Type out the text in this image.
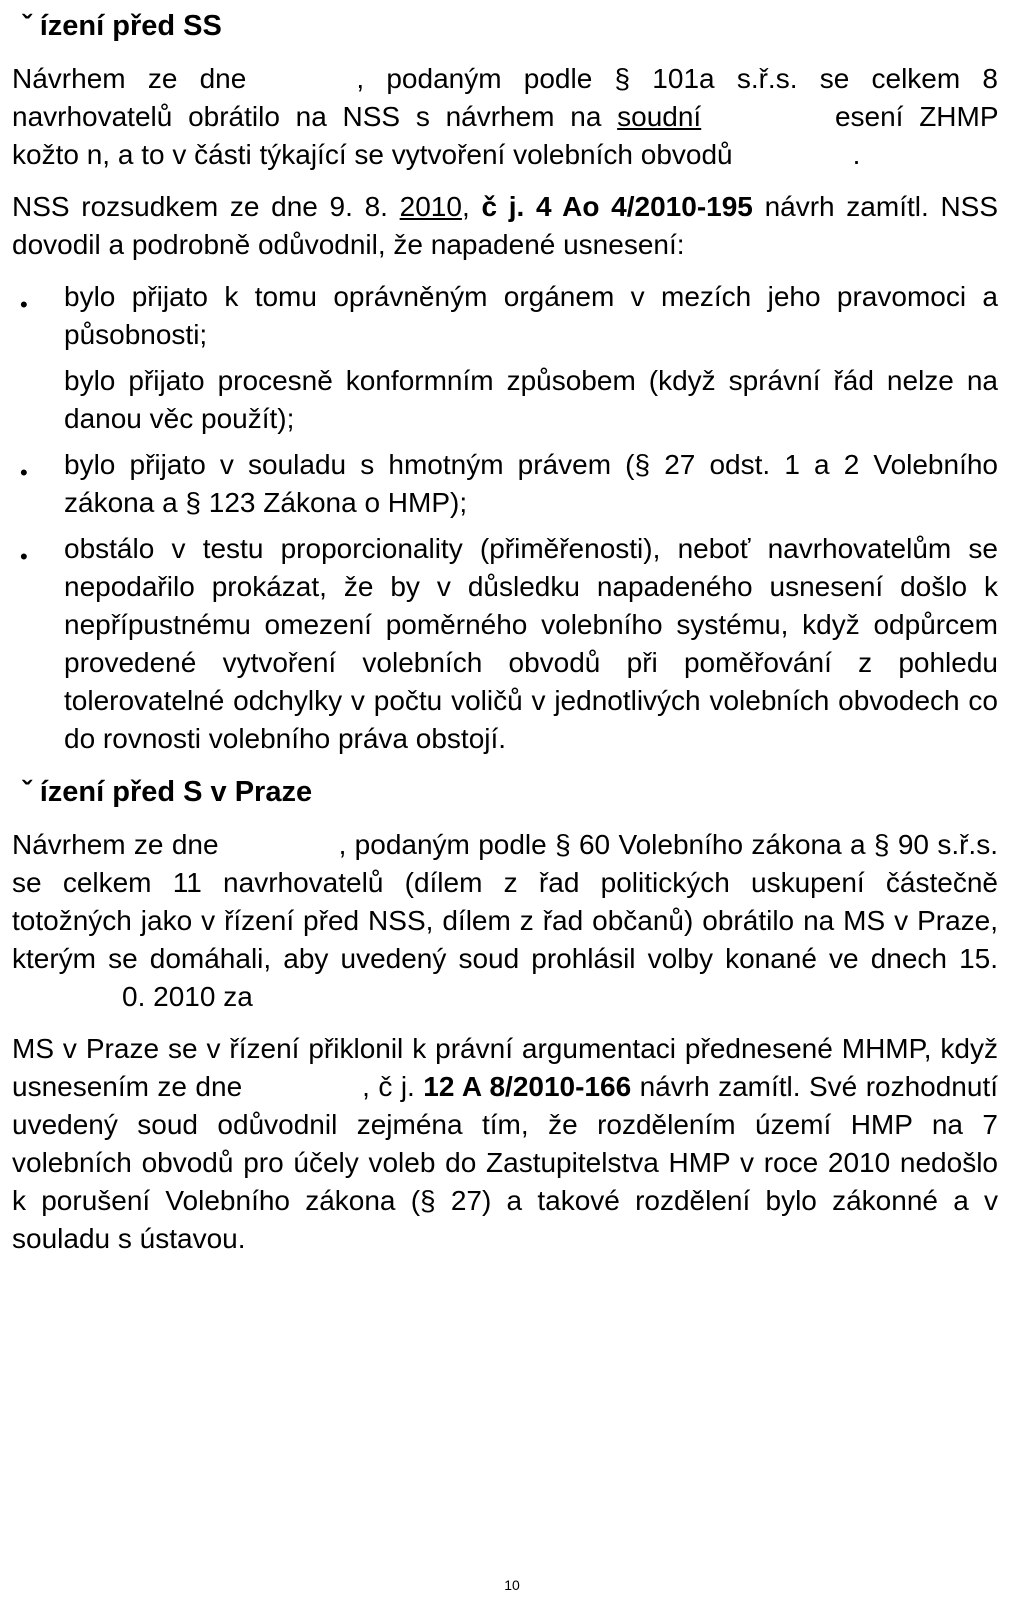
ˇ ízení před SS

Návrhem ze dne	, podaným podle § 101a s.ř.s. se celkem 8 navrhovatelů obrátilo na NSS s návrhem na soudní	esení ZHMP kožto n, a to v části týkající se vytvoření volebních obvodů	.

NSS rozsudkem ze dne 9. 8. 2010, č j. 4 Ao 4/2010-195 návrh zamítl. NSS dovodil a podrobně odůvodnil, že napadené usnesení:

• bylo přijato k tomu oprávněným orgánem v mezích jeho pravomoci a působnosti;
bylo přijato procesně konformním způsobem (když správní řád nelze na danou věc použít);
• bylo přijato v souladu s hmotným právem (§ 27 odst. 1 a 2 Volebního zákona a § 123 Zákona o HMP);
• obstálo v testu proporcionality (přiměřenosti), neboť navrhovatelům se nepodařilo prokázat, že by v důsledku napadeného usnesení došlo k nepřípustnému omezení poměrného volebního systému, když odpůrcem provedené vytvoření volebních obvodů při poměřování z pohledu tolerovatelné odchylky v počtu voličů v jednotlivých volebních obvodech co do rovnosti volebního práva obstojí.
ˇ ízení před S v Praze

Návrhem ze dne	, podaným podle § 60 Volebního zákona a § 90 s.ř.s. se celkem 11 navrhovatelů (dílem z řad politických uskupení částečně totožných jako v řízení před NSS, dílem z řad občanů) obrátilo na MS v Praze, kterým se domáhali, aby uvedený soud prohlásil volby konané ve dnech 15. 0. 2010 za

MS v Praze se v řízení přiklonil k právní argumentaci přednesené MHMP, když usnesením ze dne	, č j. 12 A 8/2010-166 návrh zamítl. Své rozhodnutí uvedený soud odůvodnil zejména tím, že rozdělením území HMP na 7 volebních obvodů pro účely voleb do Zastupitelstva HMP v roce 2010 nedošlo k porušení Volebního zákona (§ 27) a takové rozdělení bylo zákonné a v souladu s ústavou.

10
